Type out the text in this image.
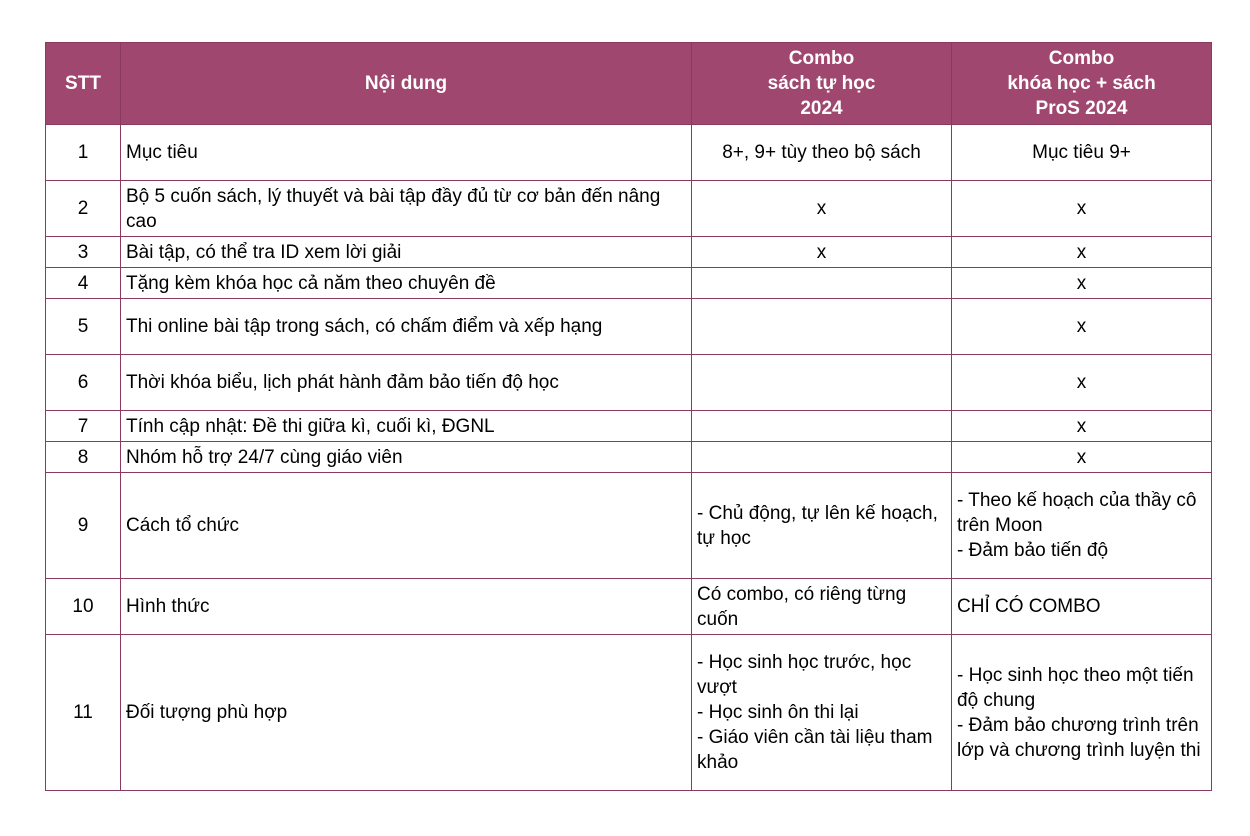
STT	Nội dung	Combo
sách tự học
2024	Combo
khóa học + sách
ProS 2024

1	Mục tiêu	8+, 9+ tùy theo bộ sách	Mục tiêu 9+
2	Bộ 5 cuốn sách, lý thuyết và bài tập đầy đủ từ cơ bản đến nâng cao	x	x
3	Bài tập, có thể tra ID xem lời giải	x	x
4	Tặng kèm khóa học cả năm theo chuyên đề		x
5	Thi online bài tập trong sách, có chấm điểm và xếp hạng		x
6	Thời khóa biểu, lịch phát hành đảm bảo tiến độ học		x
7	Tính cập nhật: Đề thi giữa kì, cuối kì, ĐGNL		x
8	Nhóm hỗ trợ 24/7 cùng giáo viên		x
9	Cách tổ chức	- Chủ động, tự lên kế hoạch, tự học	- Theo kế hoạch của thầy cô trên Moon
- Đảm bảo tiến độ

10	Hình thức	Có combo, có riêng từng cuốn	CHỈ CÓ COMBO

11	Đối tượng phù hợp	- Học sinh học trước, học vượt
- Học sinh ôn thi lại
- Giáo viên cần tài liệu tham khảo	- Học sinh học theo một tiến độ chung
- Đảm bảo chương trình trên lớp và chương trình luyện thi
